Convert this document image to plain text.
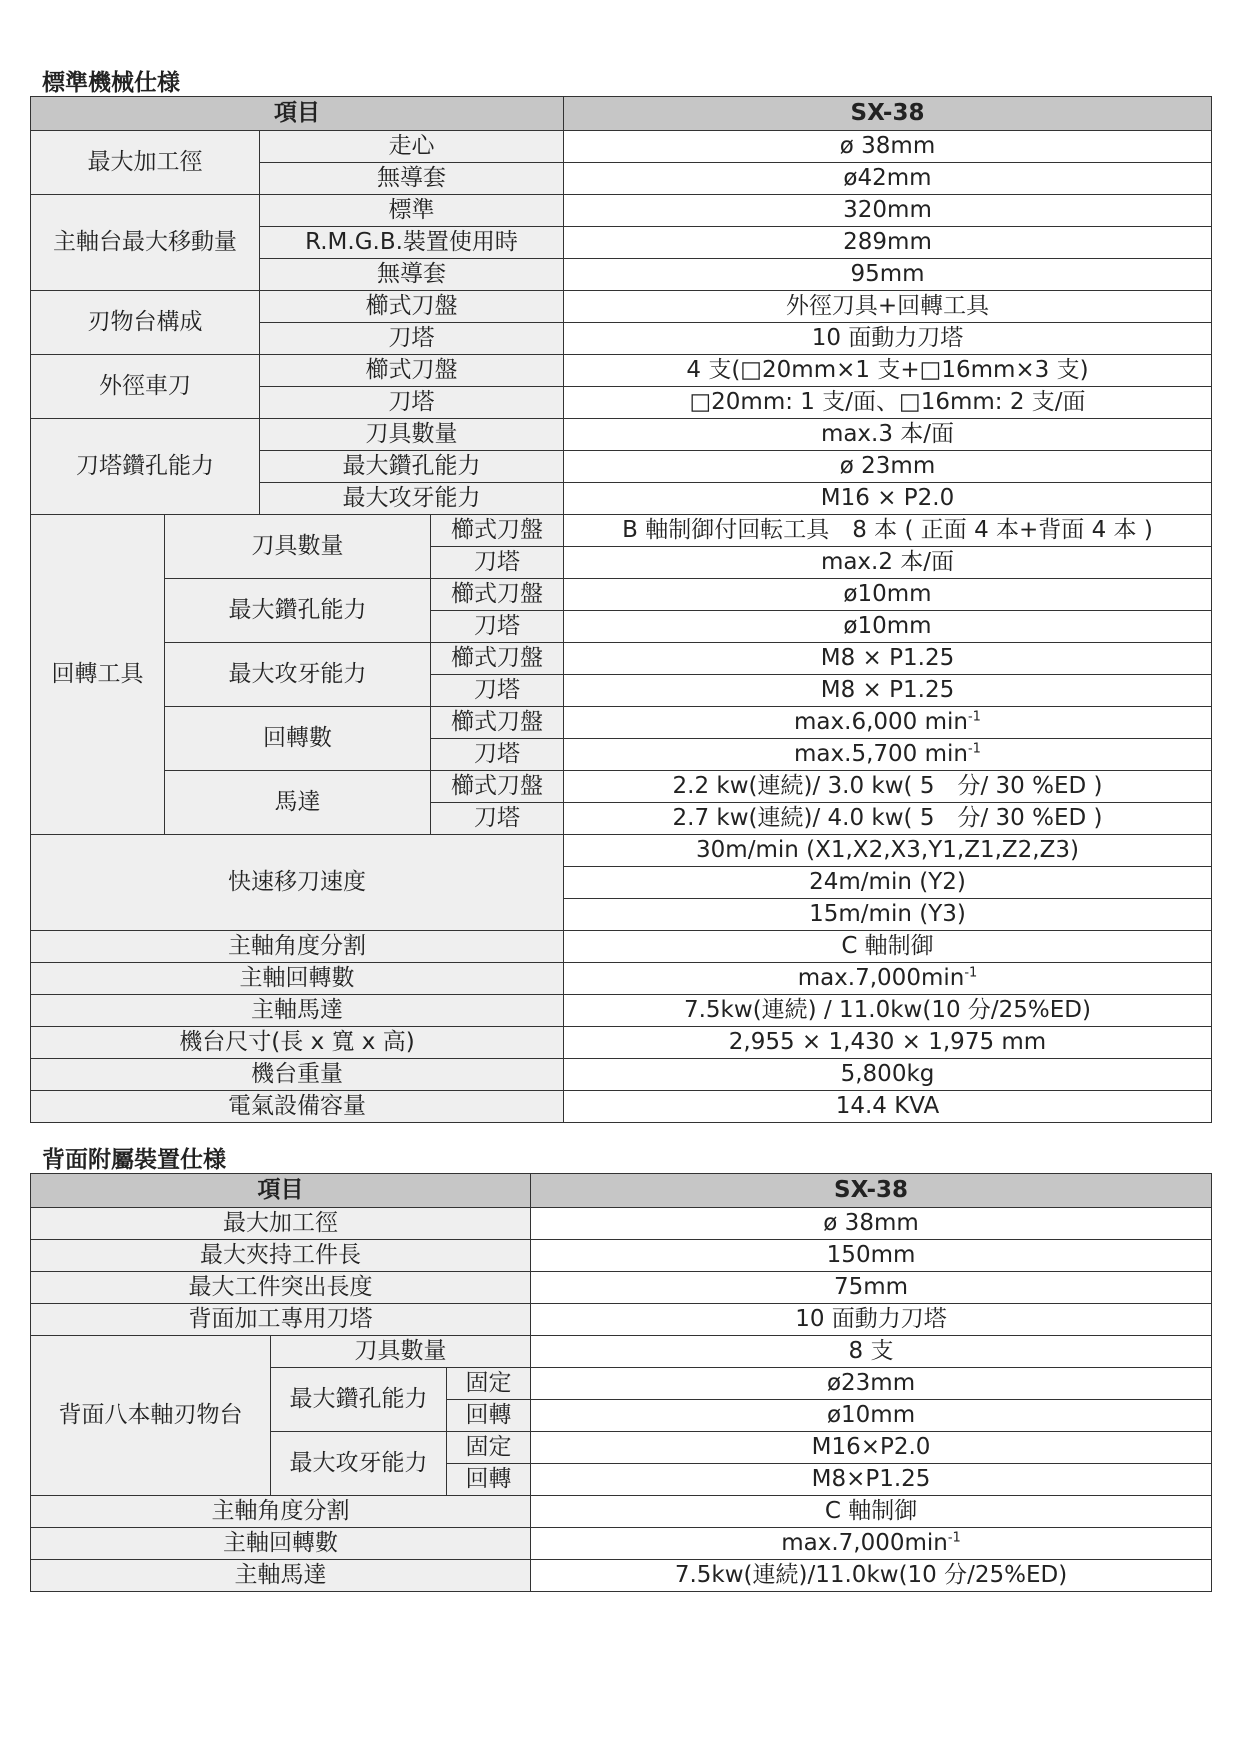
標準機械仕様
項目				SX-38
最大加工徑		走心		ø 38mm
		無導套		ø42mm
主軸台最大移動量		標準		320mm
		R.M.G.B.裝置使用時		289mm
		無導套		95mm
刃物台構成		櫛式刀盤		外徑刀具+回轉工具
		刀塔		10 面動力刀塔
外徑車刀		櫛式刀盤		4 支(□20mm×1 支+□16mm×3 支)
		刀塔		□20mm: 1 支/面、□16mm: 2 支/面
刀塔鑽孔能力		刀具數量		max.3 本/面
		最大鑽孔能力		ø 23mm
		最大攻牙能力		M16 × P2.0
回轉工具	刀具數量		櫛式刀盤	B 軸制御付回転工具　8 本 ( 正面 4 本+背面 4 本 )
			刀塔	max.2 本/面
	最大鑽孔能力		櫛式刀盤	ø10mm
			刀塔	ø10mm
	最大攻牙能力		櫛式刀盤	M8 × P1.25
			刀塔	M8 × P1.25
	回轉數		櫛式刀盤	max.6,000 $\min^{-1}$
			刀塔	max.5,700 $\min^{-1}$
	馬達		櫛式刀盤	2.2 kw(連続)/ 3.0 kw( 5　分/ 30 %ED )
			刀塔	2.7 kw(連続)/ 4.0 kw( 5　分/ 30 %ED )
快速移刀速度				30m/min (X1,X2,X3,Y1,Z1,Z2,Z3)
				24m/min (Y2)
				15m/min (Y3)
主軸角度分割				C 軸制御
主軸回轉數				$\max.7,000\min^{-1}$
主軸馬達				7.5kw(連続) / 11.0kw(10 分/25%ED)
機台尺寸(長 x 寬 x 高)				2,955 × 1,430 × 1,975 mm
機台重量				5,800kg
電氣設備容量				14.4 KVA
背面附屬裝置仕様
項目			SX-38
最大加工徑			ø 38mm
最大夾持工件長			150mm
最大工件突出長度			75mm
背面加工專用刀塔			10 面動力刀塔
背面八本軸刃物台	刀具數量		8 支
	最大鑽孔能力	固定	ø23mm
		回轉	ø10mm
	最大攻牙能力	固定	M16×P2.0
		回轉	M8×P1.25
主軸角度分割			C 軸制御
主軸回轉數			$\max.7,000\min^{-1}$
主軸馬達			7.5kw(連続)/11.0kw(10 分/25%ED)
